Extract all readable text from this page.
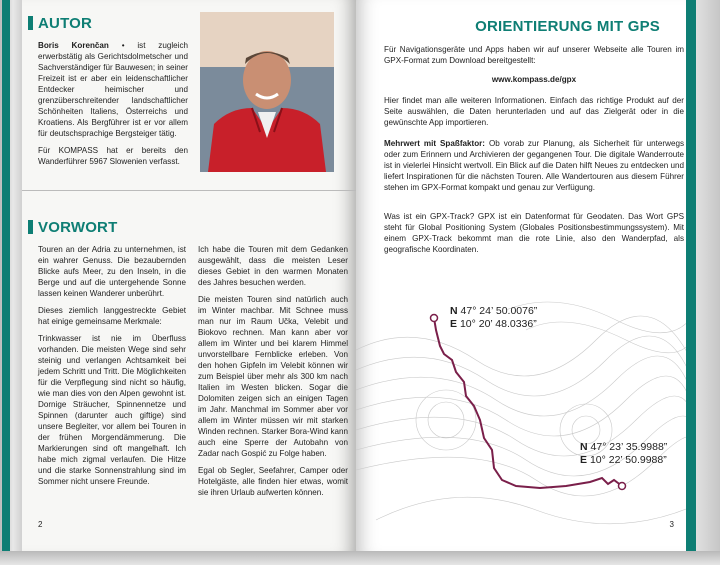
AUTOR

Boris Korenčan • ist zugleich erwerbstätig als Gerichtsdolmetscher und Sachverständiger für Bauwesen; in seiner Freizeit ist er aber ein leidenschaftlicher Entdecker heimischer und grenzüberschreitender landschaftlicher Schönheiten Italiens, Österreichs und Kroatiens. Als Bergführer ist er vor allem für deutschsprachige Bergsteiger tätig.

Für KOMPASS hat er bereits den Wanderführer 5967 Slowenien verfasst.

VORWORT

Touren an der Adria zu unternehmen, ist ein wahrer Genuss. Die bezaubernden Blicke aufs Meer, zu den Inseln, in die Berge und auf die untergehende Sonne lassen keinen Wanderer unberührt.

Dieses ziemlich langgestreckte Gebiet hat einige gemeinsame Merkmale:

Trinkwasser ist nie im Überfluss vorhanden. Die meisten Wege sind sehr steinig und verlangen Achtsamkeit bei jedem Schritt und Tritt. Die Möglichkeiten für die Verpflegung sind nicht so häufig, wie man dies von den Alpen gewohnt ist. Dornige Sträucher, Spinnennetze und Spinnen (darunter auch giftige) sind unsere Begleiter, vor allem bei Touren in der frühen Morgendämmerung. Die Markierungen sind oft mangelhaft. Ich habe mich zigmal verlaufen. Die Hitze und die starke Sonnenstrahlung sind im Sommer nicht unsere Freunde.

Ich habe die Touren mit dem Gedanken ausgewählt, dass die meisten Leser dieses Gebiet in den warmen Monaten des Jahres besuchen werden.

Die meisten Touren sind natürlich auch im Winter machbar. Mit Schnee muss man nur im Raum Učka, Velebit und Biokovo rechnen. Man kann aber vor allem im Winter und bei klarem Himmel unvorstellbare Fernblicke erleben. Von den hohen Gipfeln im Velebit können wir zum Beispiel über mehr als 300 km nach Italien im Westen blicken. Sogar die Dolomiten zeigen sich an einigen Tagen im Jahr. Manchmal im Sommer aber vor allem im Winter müssen wir mit starken Winden rechnen. Starker Bora-Wind kann auch eine Sperre der Autobahn von Zadar nach Gospić zu Folge haben.

Egal ob Segler, Seefahrer, Camper oder Hotelgäste, alle finden hier etwas, womit sie ihren Urlaub aufwerten können.

2
ORIENTIERUNG MIT GPS

Für Navigationsgeräte und Apps haben wir auf unserer Webseite alle Touren im GPX-Format zum Download bereitgestellt:

www.kompass.de/gpx

Hier findet man alle weiteren Informationen. Einfach das richtige Produkt auf der Seite auswählen, die Daten herunterladen und auf das Zielgerät oder in die gewünschte App importieren.

Mehrwert mit Spaßfaktor: Ob vorab zur Planung, als Sicherheit für unterwegs oder zum Erinnern und Archivieren der gegangenen Tour. Die digitale Wanderroute ist in vielerlei Hinsicht wertvoll. Ein Blick auf die Daten hilft Neues zu entdecken und liefert Inspirationen für die nächsten Touren. Alle Wandertouren aus diesem Führer stehen im GPX-Format kompakt und genau zur Verfügung.

Was ist ein GPX-Track? GPX ist ein Datenformat für Geodaten. Das Wort GPS steht für Global Positioning System (Globales Positionsbestimmungssystem). Mit einem GPX-Track bekommt man die rote Linie, also den Wanderpfad, als geografische Koordinaten.

N 47° 24’ 50.0076”
E 10° 20’ 48.0336”
N 47° 23’ 35.9988”
E 10° 22’ 50.9988”
3
